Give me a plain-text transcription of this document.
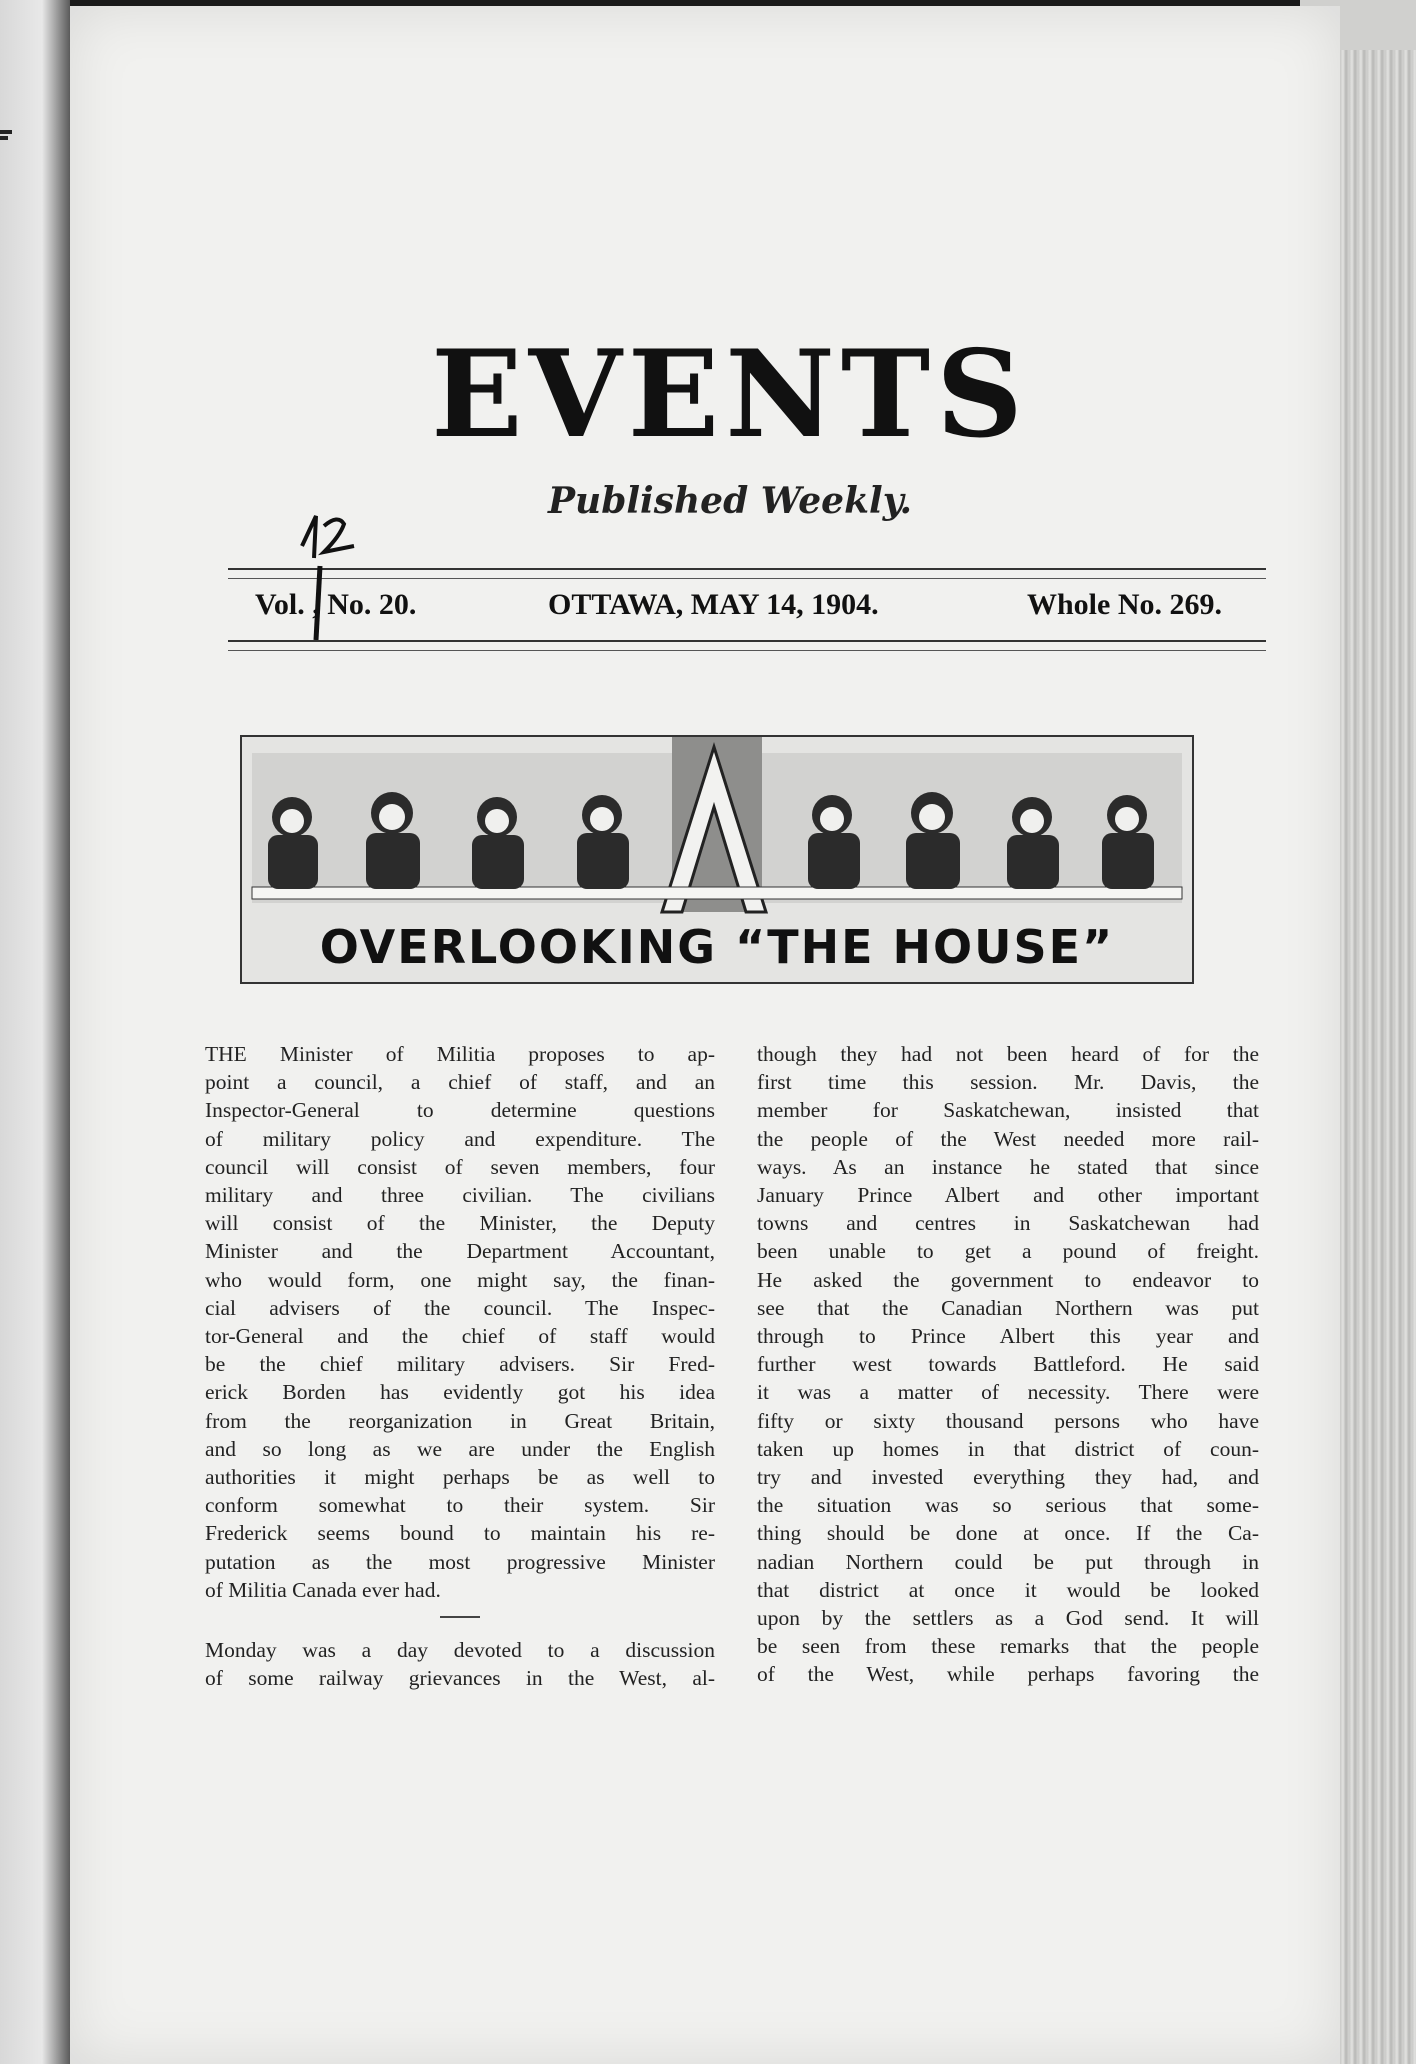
EVENTS
Published Weekly.
Vol. , No. 20.	OTTAWA, MAY 14, 1904.	Whole No. 269.
OVERLOOKING “THE HOUSE”
THE Minister of Militia proposes to ap-
point a council, a chief of staff, and an
Inspector-General to determine questions
of military policy and expenditure. The
council will consist of seven members, four
military and three civilian. The civilians
will consist of the Minister, the Deputy
Minister and the Department Accountant,
who would form, one might say, the finan-
cial advisers of the council. The Inspec-
tor-General and the chief of staff would
be the chief military advisers. Sir Fred-
erick Borden has evidently got his idea
from the reorganization in Great Britain,
and so long as we are under the English
authorities it might perhaps be as well to
conform somewhat to their system. Sir
Frederick seems bound to maintain his re-
putation as the most progressive Minister
of Militia Canada ever had.
Monday was a day devoted to a discussion
of some railway grievances in the West, al-
though they had not been heard of for the
first time this session. Mr. Davis, the
member for Saskatchewan, insisted that
the people of the West needed more rail-
ways. As an instance he stated that since
January Prince Albert and other important
towns and centres in Saskatchewan had
been unable to get a pound of freight.
He asked the government to endeavor to
see that the Canadian Northern was put
through to Prince Albert this year and
further west towards Battleford. He said
it was a matter of necessity. There were
fifty or sixty thousand persons who have
taken up homes in that district of coun-
try and invested everything they had, and
the situation was so serious that some-
thing should be done at once. If the Ca-
nadian Northern could be put through in
that district at once it would be looked
upon by the settlers as a God send. It will
be seen from these remarks that the people
of the West, while perhaps favoring the
